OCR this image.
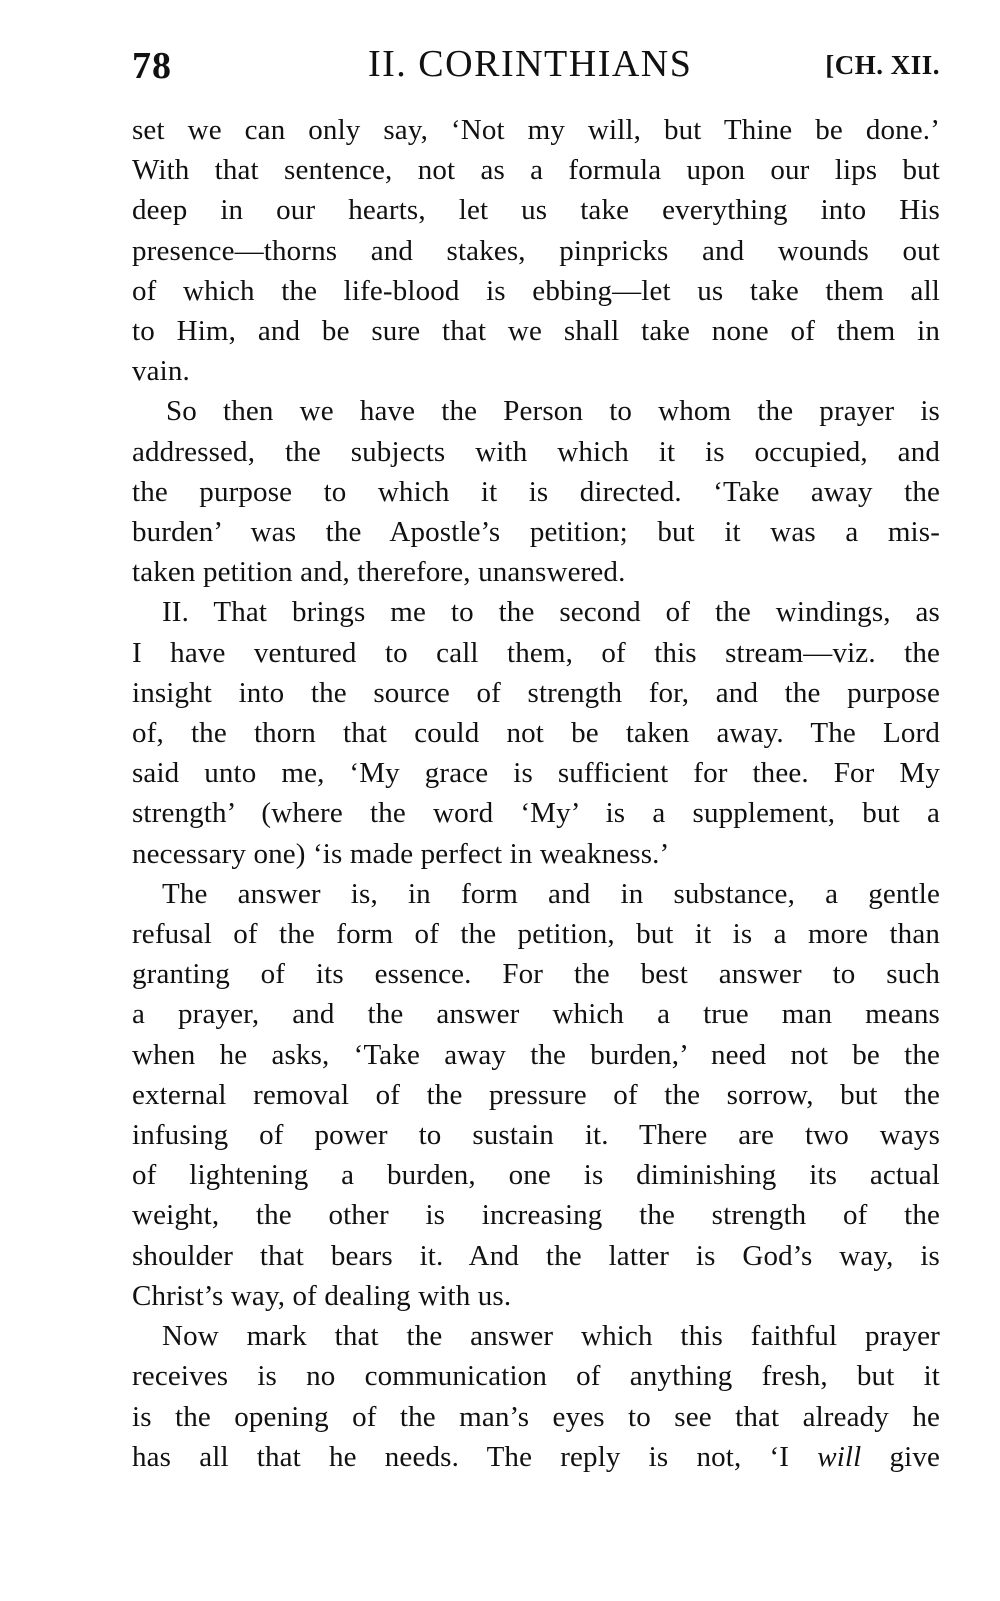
78	II. CORINTHIANS	[CH. XII.
set we can only say, ‘Not my will, but Thine be done.’
With that sentence, not as a formula upon our lips but
deep in our hearts, let us take everything into His
presence—thorns and stakes, pinpricks and wounds out
of which the life-blood is ebbing—let us take them all
to Him, and be sure that we shall take none of them in
vain.
So then we have the Person to whom the prayer is
addressed, the subjects with which it is occupied, and
the purpose to which it is directed. ‘Take away the
burden’ was the Apostle’s petition; but it was a mis-
taken petition and, therefore, unanswered.
II. That brings me to the second of the windings, as
I have ventured to call them, of this stream—viz. the
insight into the source of strength for, and the purpose
of, the thorn that could not be taken away. The Lord
said unto me, ‘My grace is sufficient for thee. For My
strength’ (where the word ‘My’ is a supplement, but a
necessary one) ‘is made perfect in weakness.’
The answer is, in form and in substance, a gentle
refusal of the form of the petition, but it is a more than
granting of its essence. For the best answer to such
a prayer, and the answer which a true man means
when he asks, ‘Take away the burden,’ need not be the
external removal of the pressure of the sorrow, but the
infusing of power to sustain it. There are two ways
of lightening a burden, one is diminishing its actual
weight, the other is increasing the strength of the
shoulder that bears it. And the latter is God’s way, is
Christ’s way, of dealing with us.
Now mark that the answer which this faithful prayer
receives is no communication of anything fresh, but it
is the opening of the man’s eyes to see that already he
has all that he needs. The reply is not, ‘I will give
